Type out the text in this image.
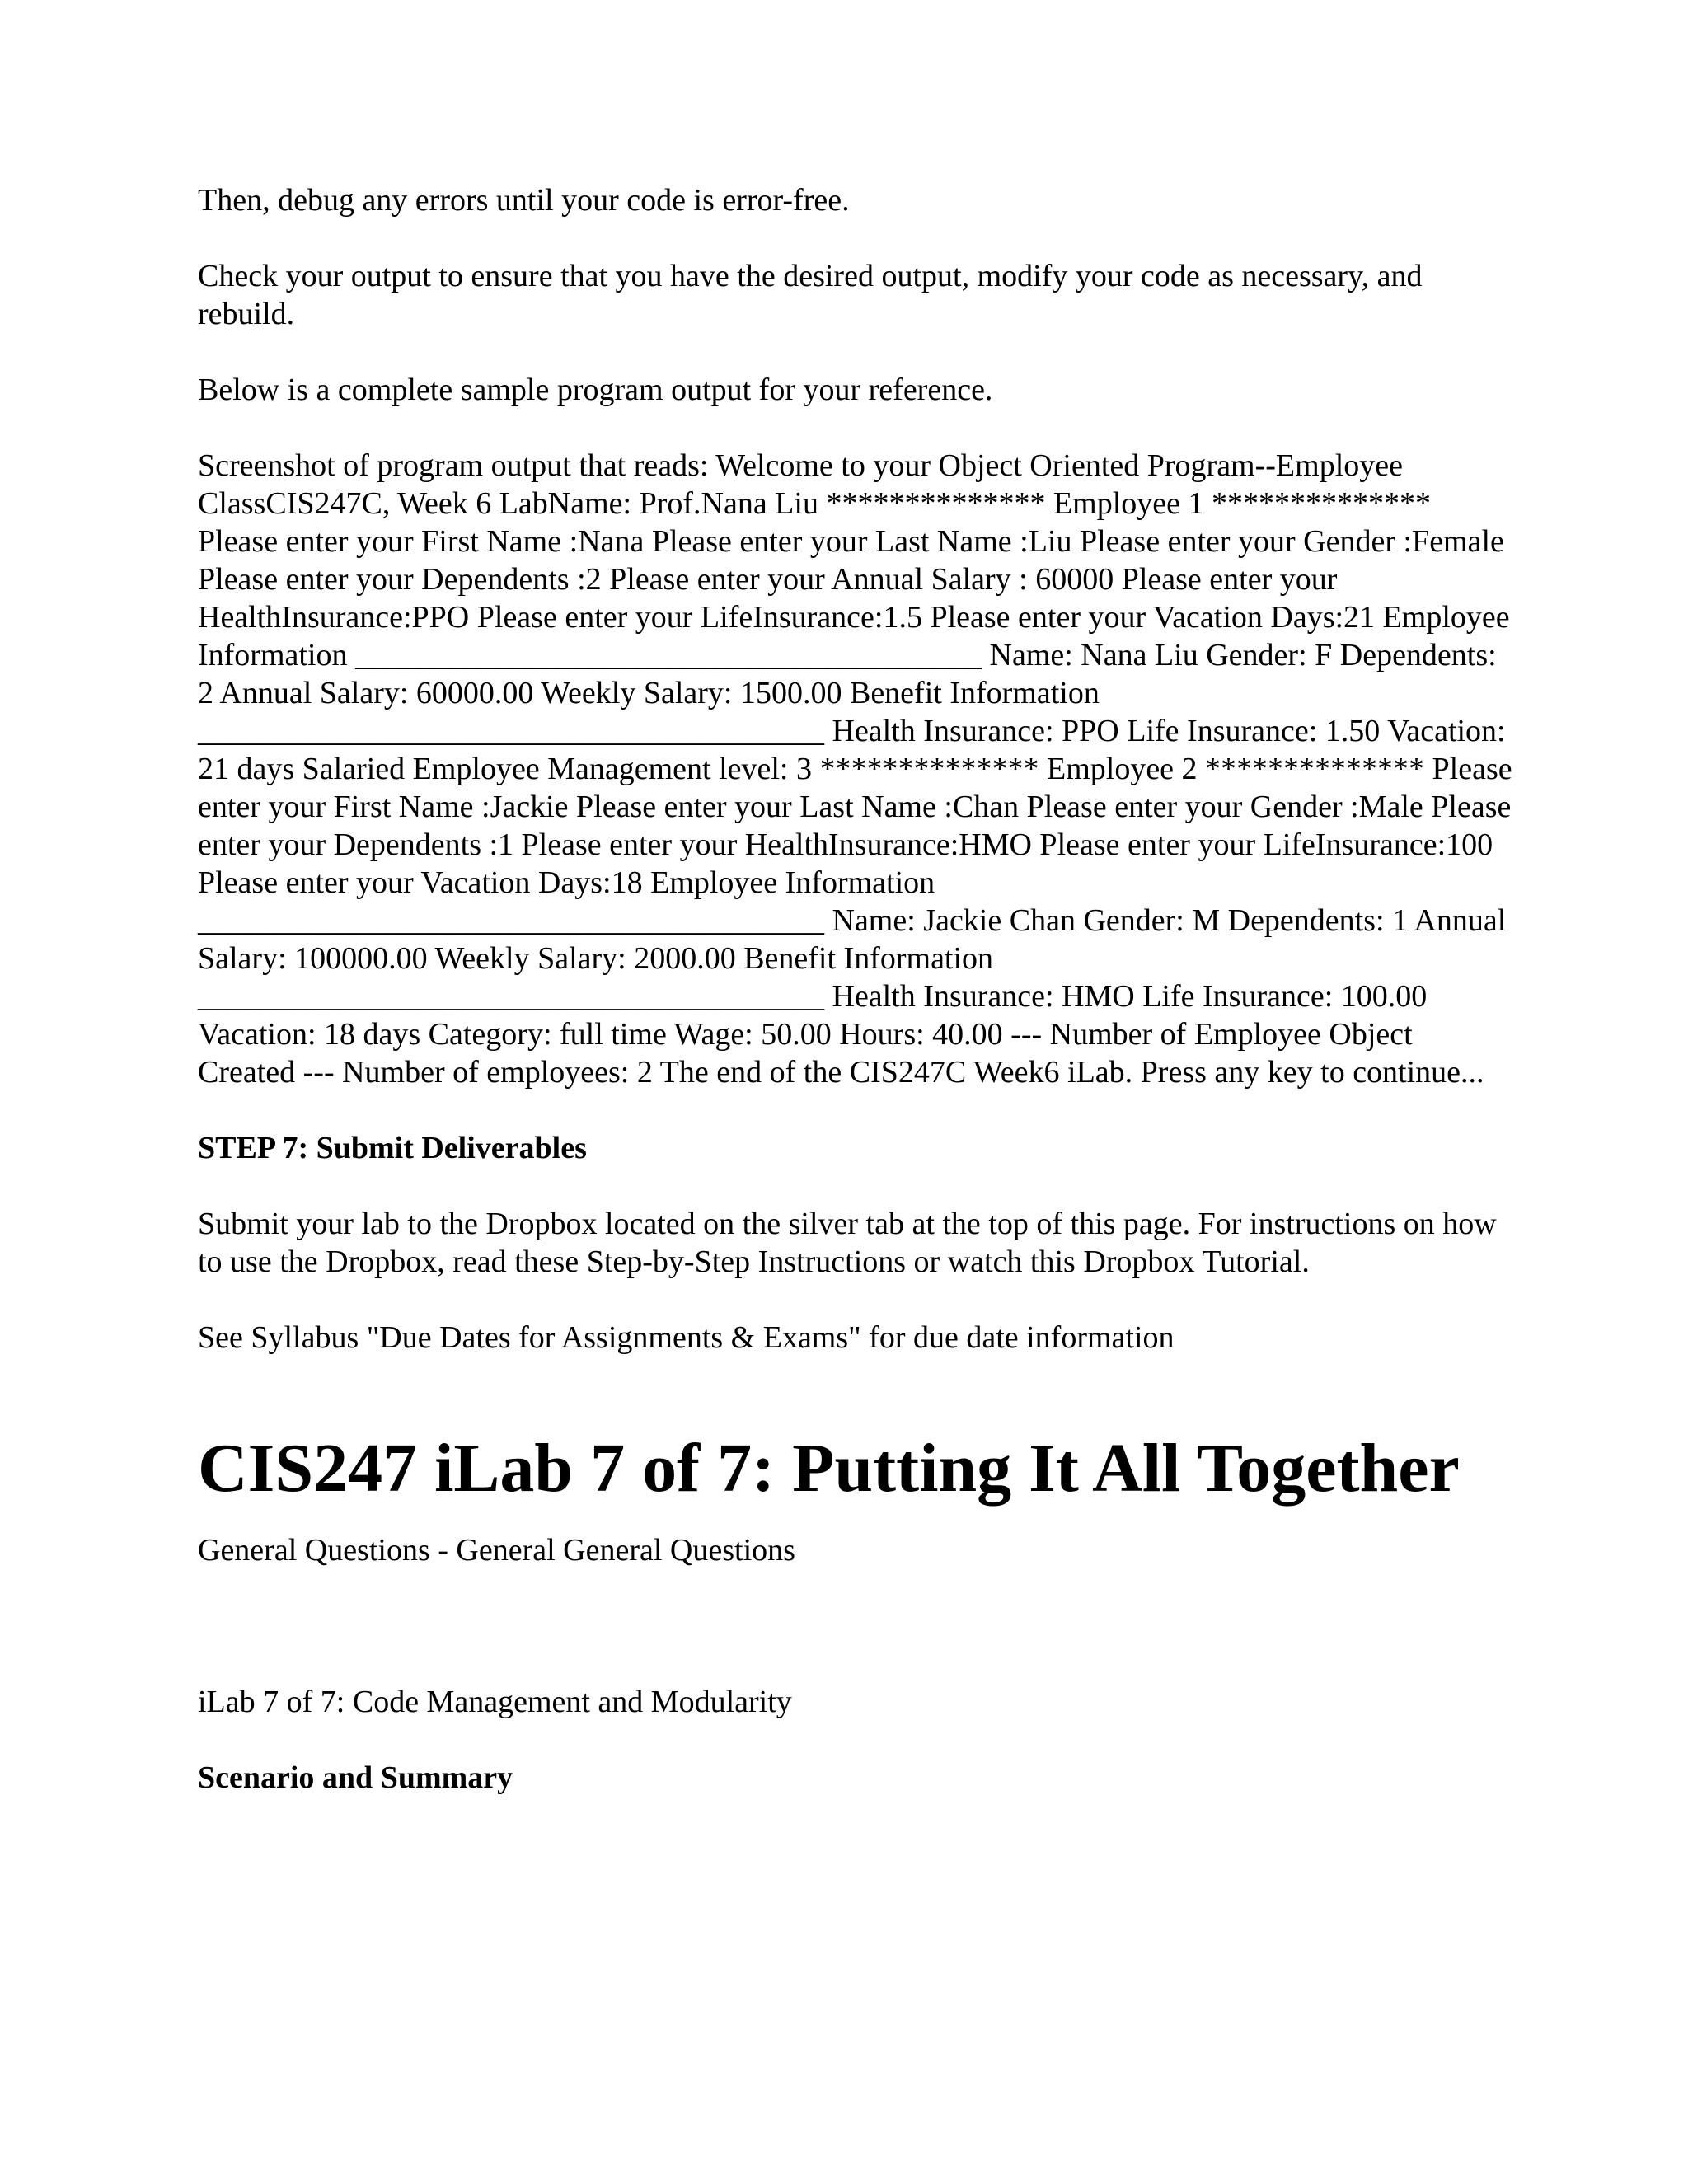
Then, debug any errors until your code is error-free.

Check your output to ensure that you have the desired output, modify your code as necessary, and rebuild.

Below is a complete sample program output for your reference.

Screenshot of program output that reads: Welcome to your Object Oriented Program--Employee ClassCIS247C, Week 6 LabName: Prof.Nana Liu ************** Employee 1 ************** Please enter your First Name :Nana Please enter your Last Name :Liu Please enter your Gender :Female Please enter your Dependents :2 Please enter your Annual Salary : 60000 Please enter your HealthInsurance:PPO Please enter your LifeInsurance:1.5 Please enter your Vacation Days:21 Employee Information ________________________________________ Name: Nana Liu Gender: F Dependents: 2 Annual Salary: 60000.00 Weekly Salary: 1500.00 Benefit Information ________________________________________ Health Insurance: PPO Life Insurance: 1.50 Vacation: 21 days Salaried Employee Management level: 3 ************** Employee 2 ************** Please enter your First Name :Jackie Please enter your Last Name :Chan Please enter your Gender :Male Please enter your Dependents :1 Please enter your HealthInsurance:HMO Please enter your LifeInsurance:100 Please enter your Vacation Days:18 Employee Information ________________________________________ Name: Jackie Chan Gender: M Dependents: 1 Annual Salary: 100000.00 Weekly Salary: 2000.00 Benefit Information ________________________________________ Health Insurance: HMO Life Insurance: 100.00 Vacation: 18 days Category: full time Wage: 50.00 Hours: 40.00 --- Number of Employee Object Created --- Number of employees: 2 The end of the CIS247C Week6 iLab. Press any key to continue...

STEP 7: Submit Deliverables

Submit your lab to the Dropbox located on the silver tab at the top of this page. For instructions on how to use the Dropbox, read these Step-by-Step Instructions or watch this Dropbox Tutorial.

See Syllabus "Due Dates for Assignments & Exams" for due date information

CIS247 iLab 7 of 7: Putting It All Together

General Questions - General General Questions

iLab 7 of 7: Code Management and Modularity

Scenario and Summary
